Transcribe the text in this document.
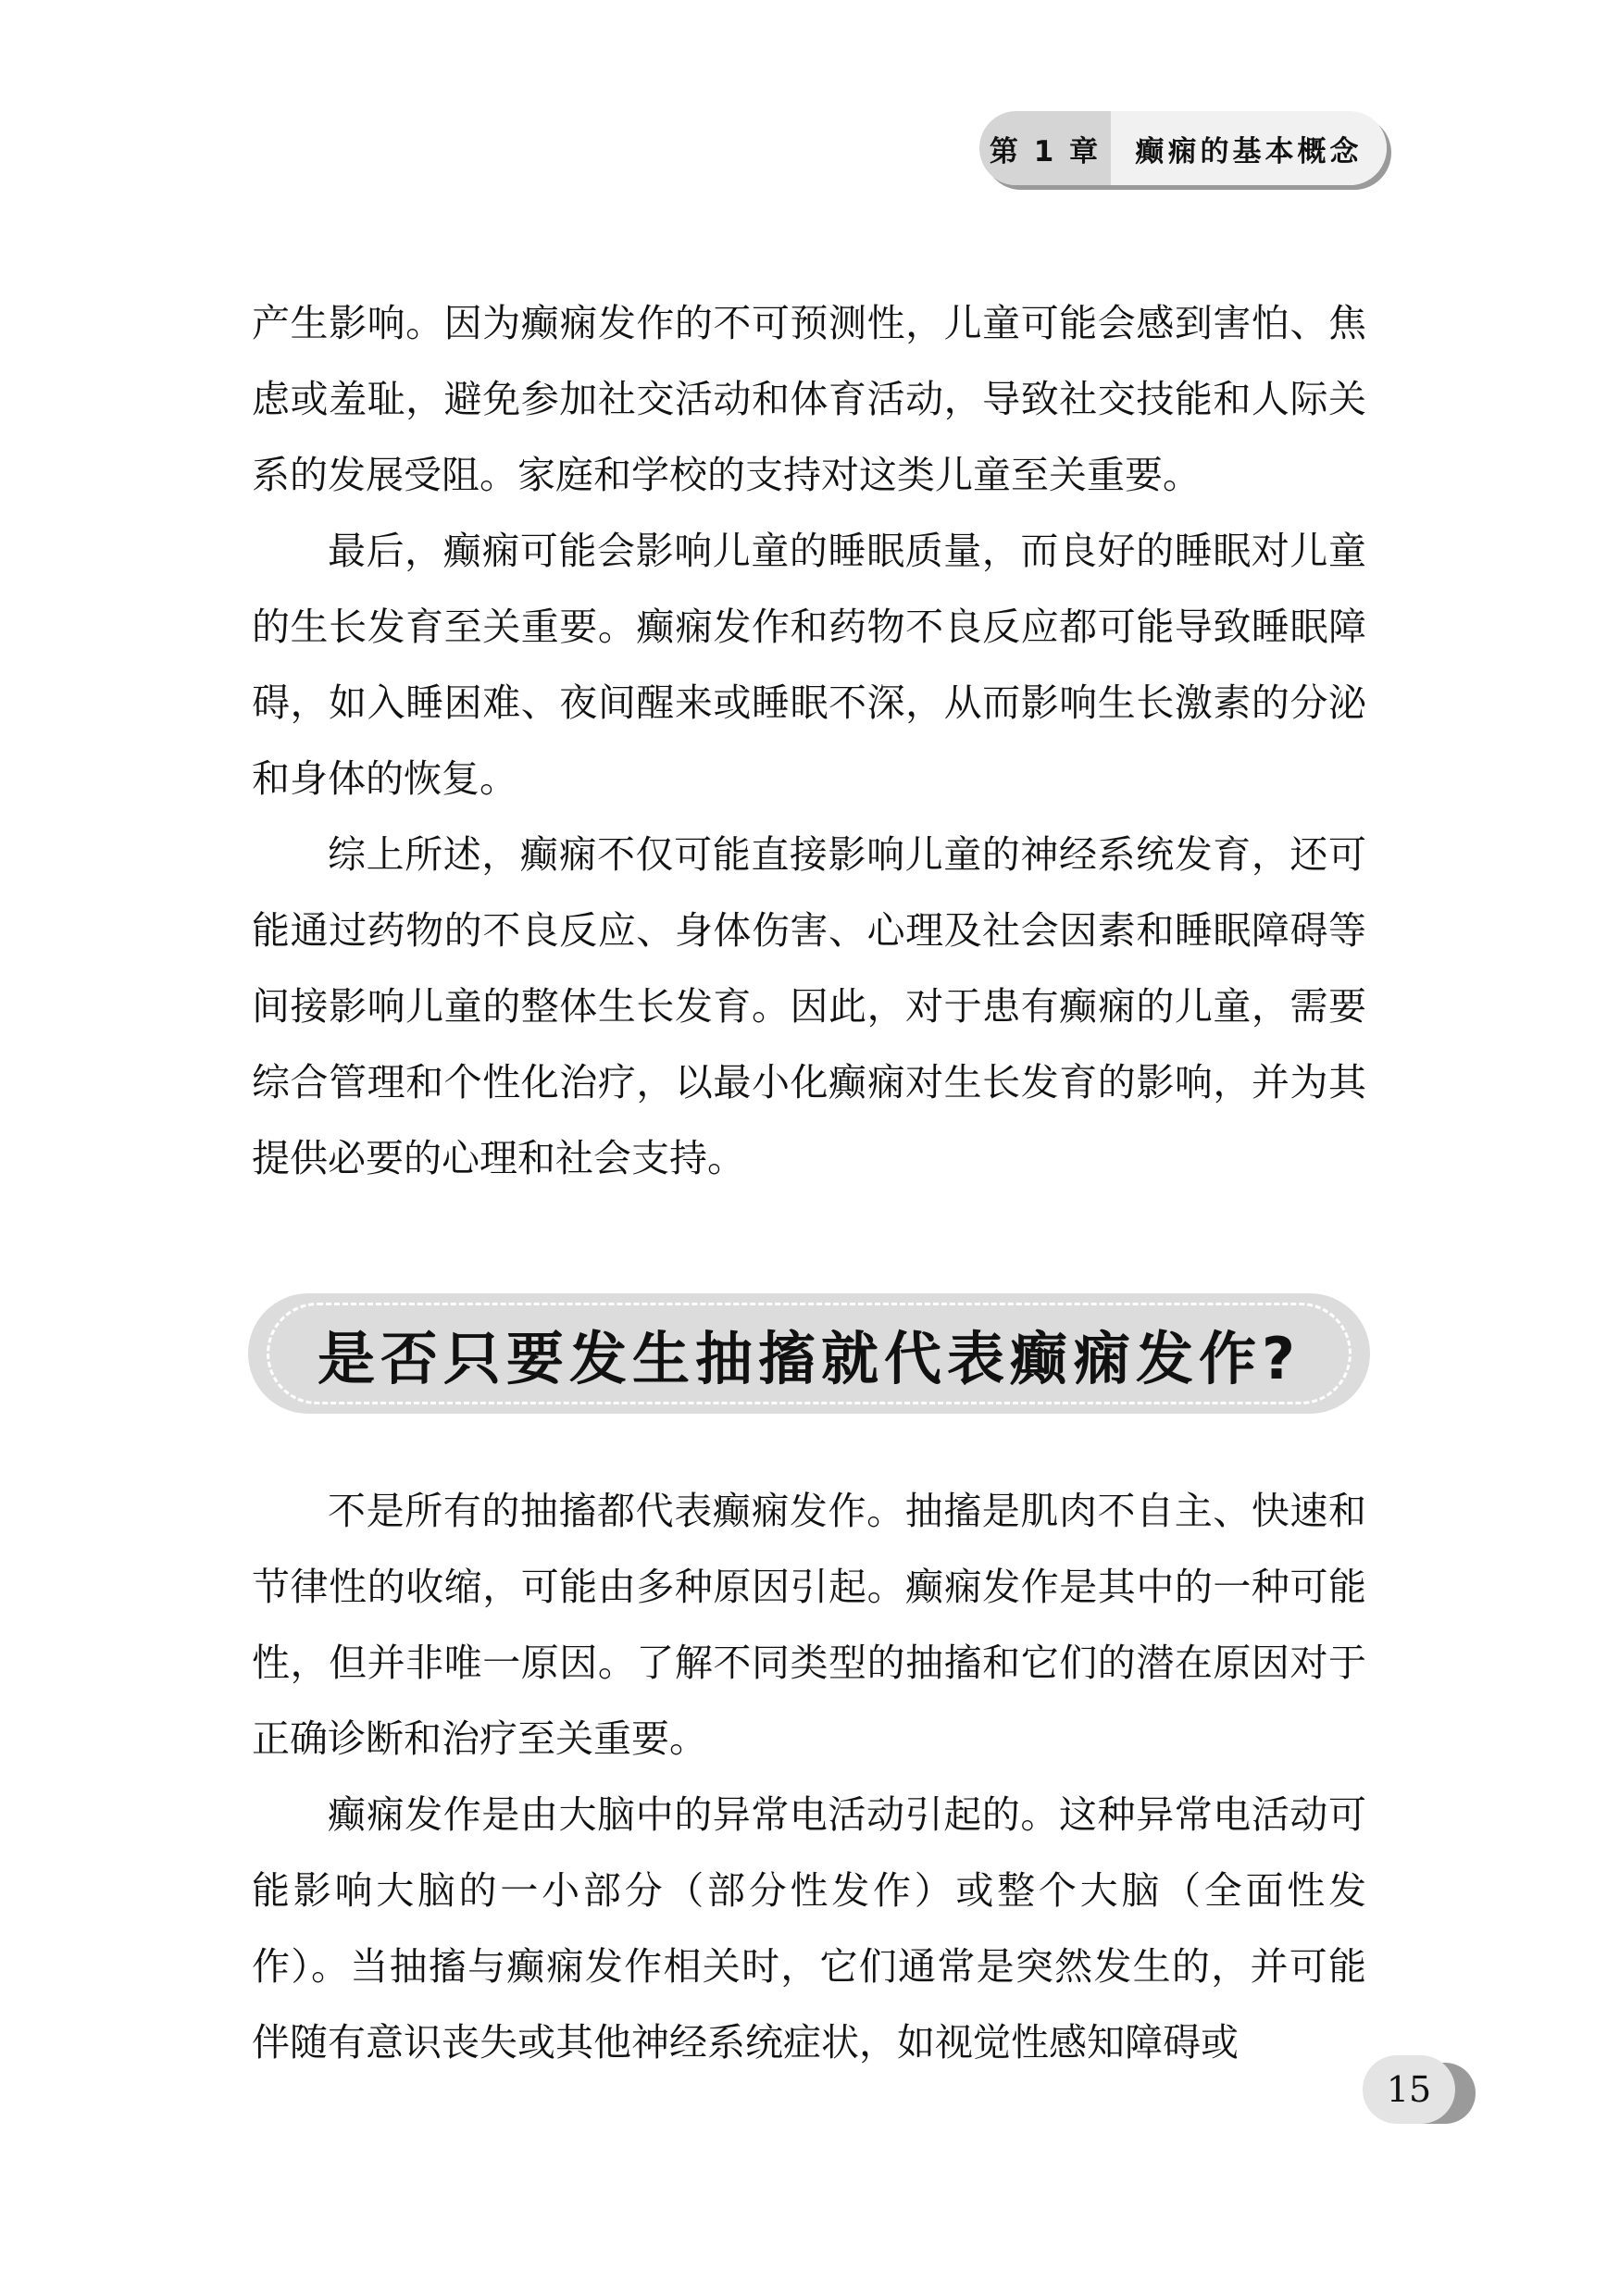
第 1 章	癫痫的基本概念

产生影响。因为癫痫发作的不可预测性，儿童可能会感到害怕、焦虑或羞耻，避免参加社交活动和体育活动，导致社交技能和人际关系的发展受阻。家庭和学校的支持对这类儿童至关重要。

最后，癫痫可能会影响儿童的睡眠质量，而良好的睡眠对儿童的生长发育至关重要。癫痫发作和药物不良反应都可能导致睡眠障碍，如入睡困难、夜间醒来或睡眠不深，从而影响生长激素的分泌和身体的恢复。

综上所述，癫痫不仅可能直接影响儿童的神经系统发育，还可能通过药物的不良反应、身体伤害、心理及社会因素和睡眠障碍等间接影响儿童的整体生长发育。因此，对于患有癫痫的儿童，需要综合管理和个性化治疗，以最小化癫痫对生长发育的影响，并为其提供必要的心理和社会支持。

是否只要发生抽搐就代表癫痫发作?

不是所有的抽搐都代表癫痫发作。抽搐是肌肉不自主、快速和节律性的收缩，可能由多种原因引起。癫痫发作是其中的一种可能性，但并非唯一原因。了解不同类型的抽搐和它们的潜在原因对于正确诊断和治疗至关重要。

癫痫发作是由大脑中的异常电活动引起的。这种异常电活动可能影响大脑的一小部分（部分性发作）或整个大脑（全面性发作）。当抽搐与癫痫发作相关时，它们通常是突然发生的，并可能伴随有意识丧失或其他神经系统症状，如视觉性感知障碍或

15
